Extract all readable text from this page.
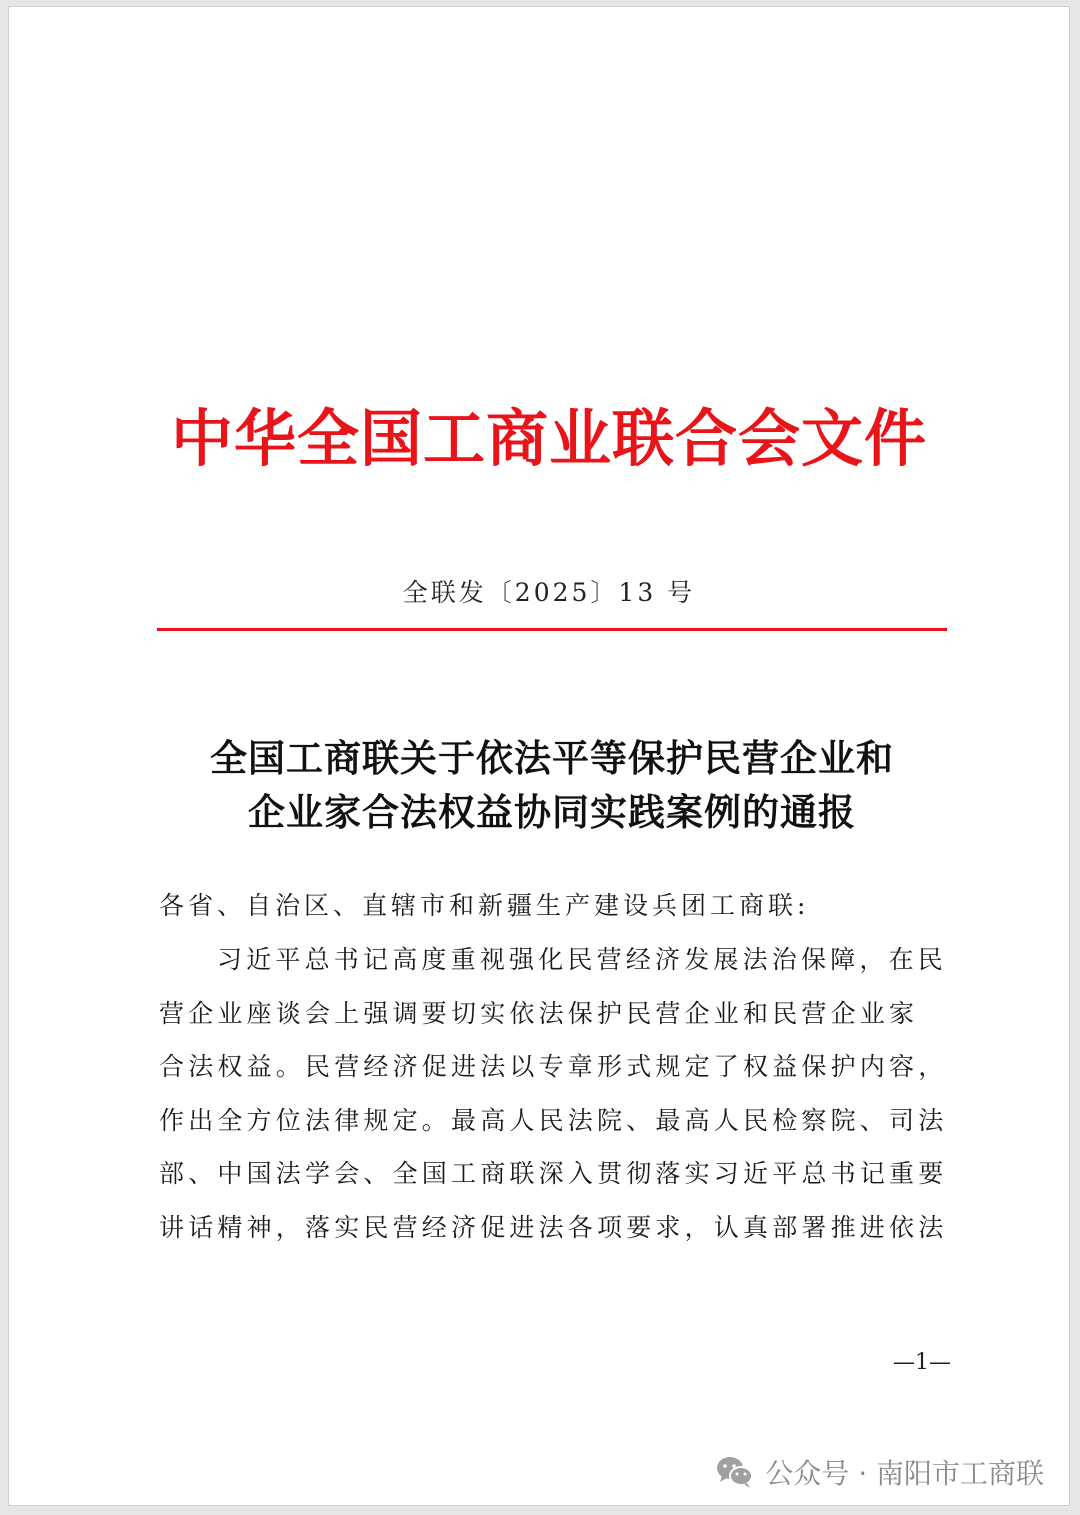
中华全国工商业联合会文件
全联发〔2025〕13 号
全国工商联关于依法平等保护民营企业和
企业家合法权益协同实践案例的通报
各省、自治区、直辖市和新疆生产建设兵团工商联:
习近平总书记高度重视强化民营经济发展法治保障，在民
营企业座谈会上强调要切实依法保护民营企业和民营企业家
合法权益。民营经济促进法以专章形式规定了权益保护内容，
作出全方位法律规定。最高人民法院、最高人民检察院、司法
部、中国法学会、全国工商联深入贯彻落实习近平总书记重要
讲话精神，落实民营经济促进法各项要求，认真部署推进依法
—1—
公众号 · 南阳市工商联
